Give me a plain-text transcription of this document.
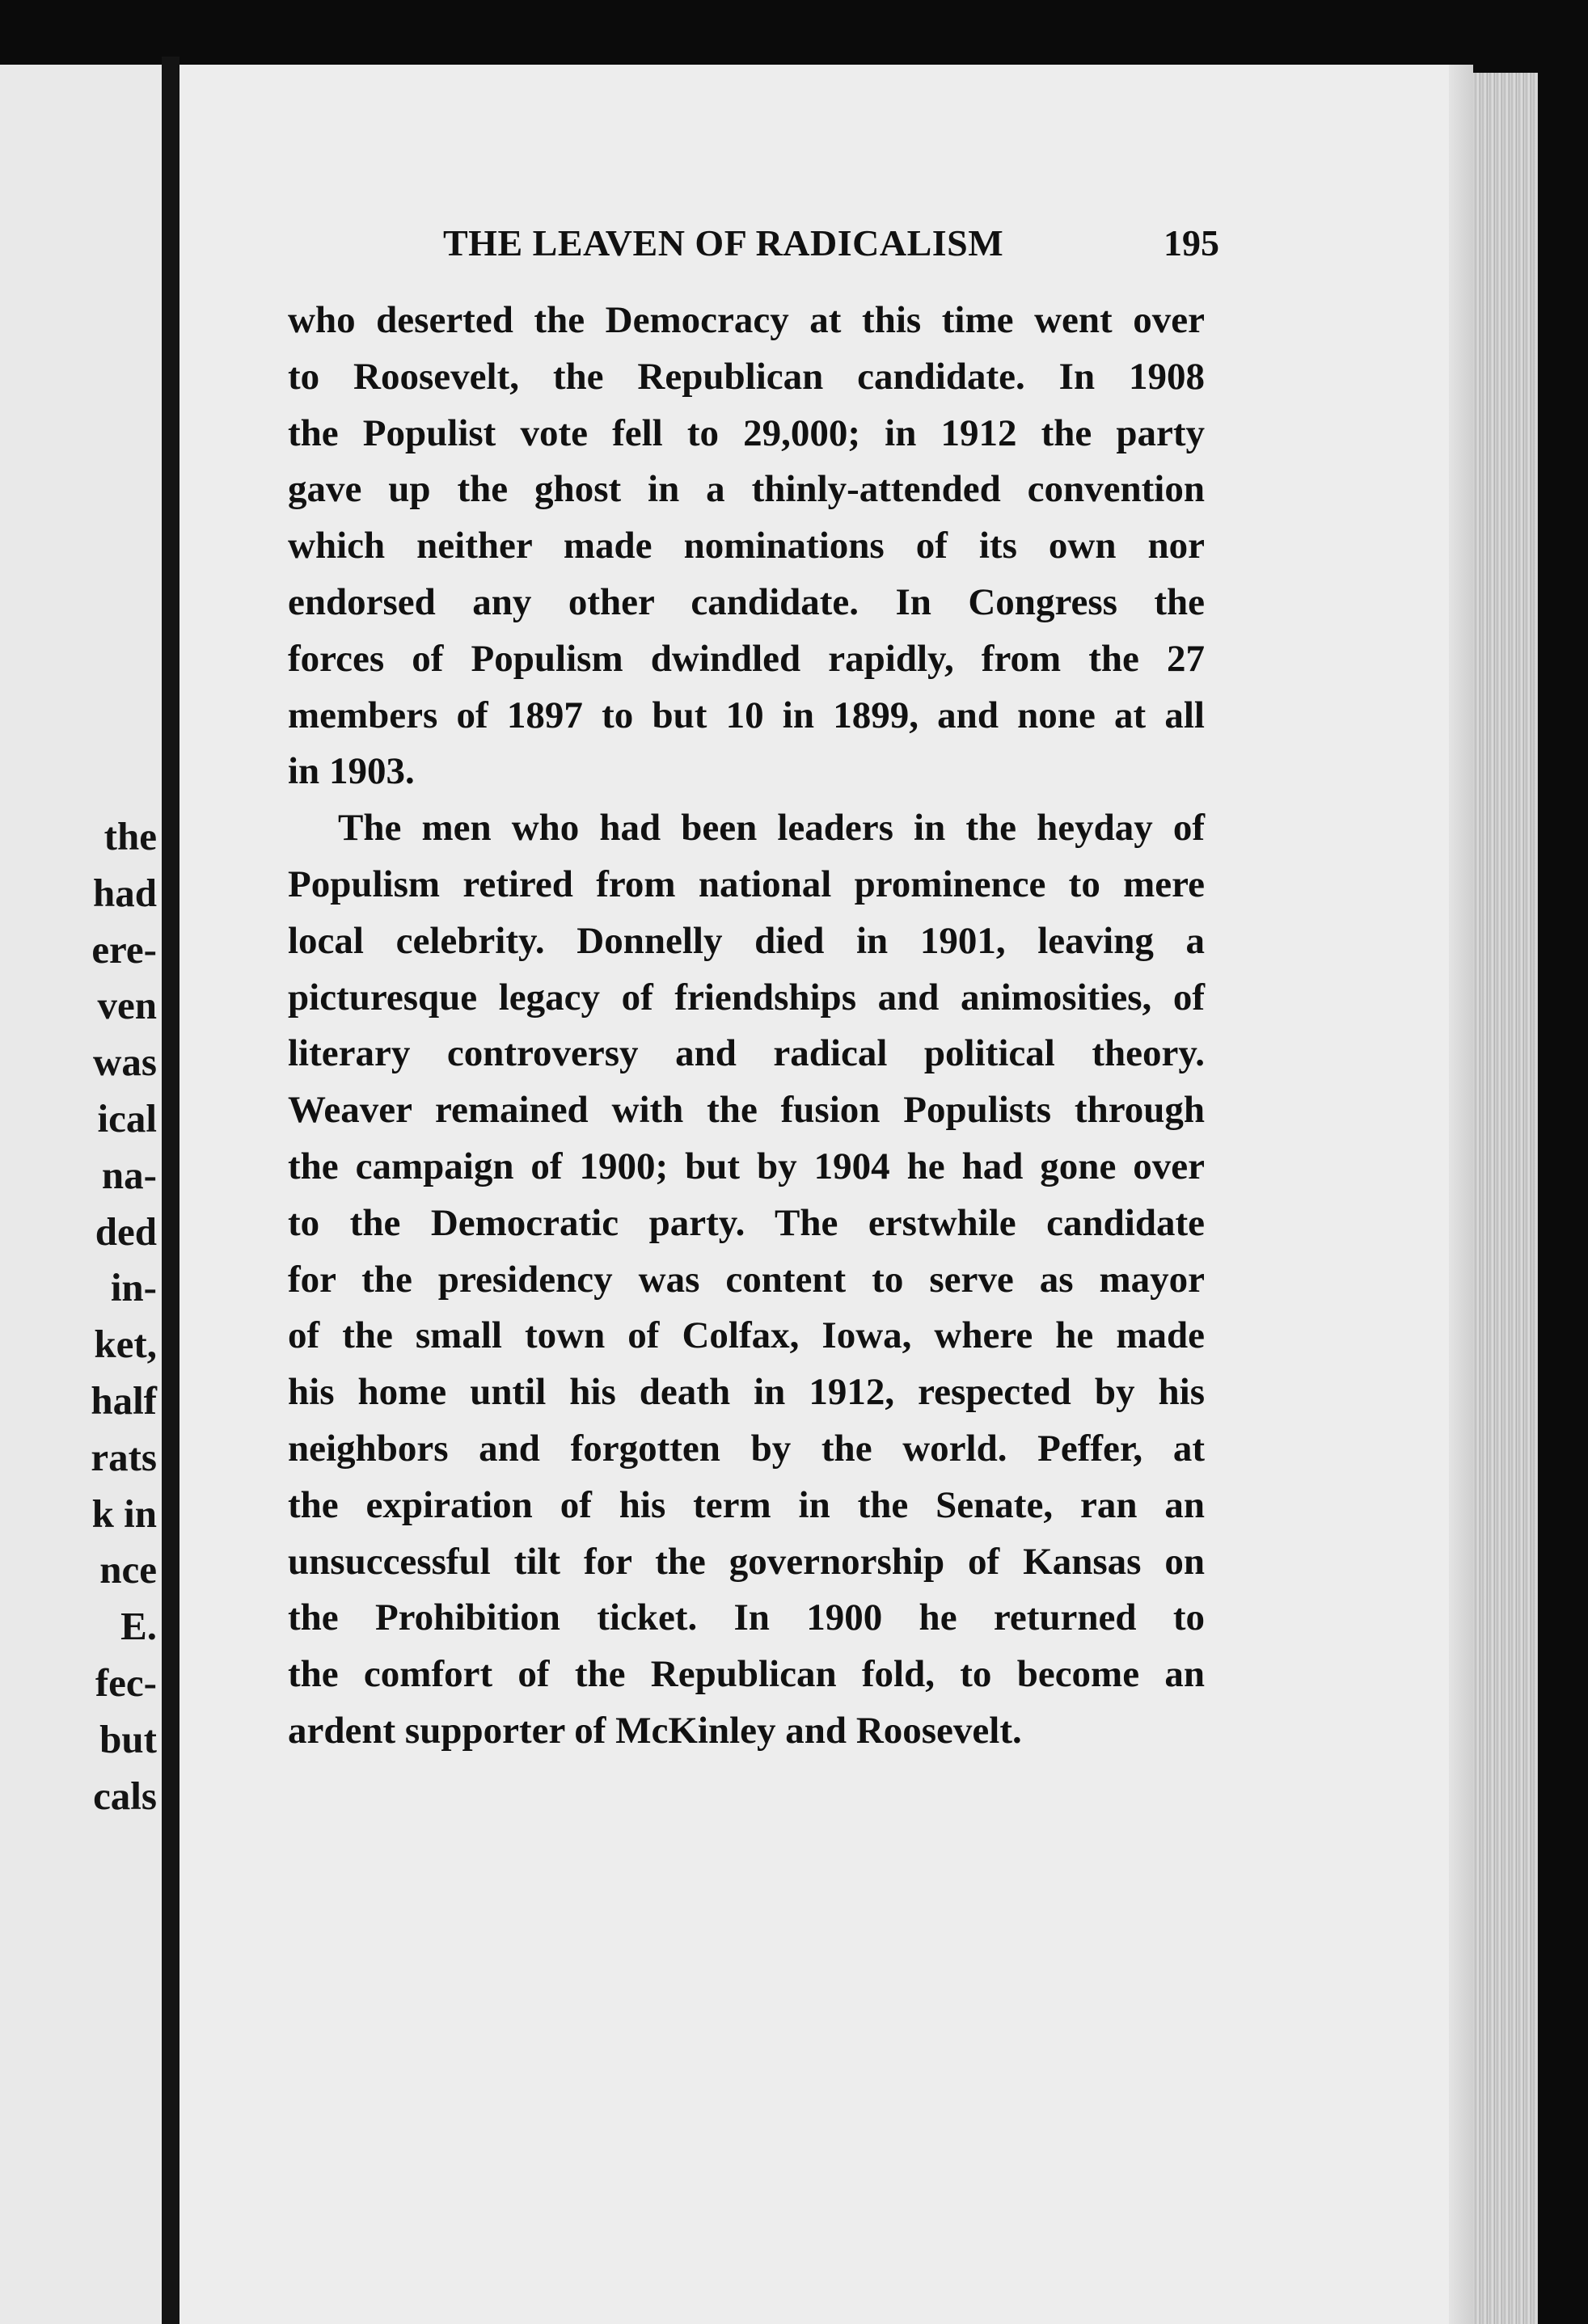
the
had
ere-
ven
was
ical
na-
ded
in-
ket,
half
rats
k in
nce
E.
fec-
but
cals
THE LEAVEN OF RADICALISM	195
who deserted the Democracy at this time went over
to Roosevelt, the Republican candidate. In 1908
the Populist vote fell to 29,000; in 1912 the party
gave up the ghost in a thinly-attended convention
which neither made nominations of its own nor
endorsed any other candidate. In Congress the
forces of Populism dwindled rapidly, from the 27
members of 1897 to but 10 in 1899, and none at all
in 1903.
The men who had been leaders in the heyday of
Populism retired from national prominence to mere
local celebrity. Donnelly died in 1901, leaving a
picturesque legacy of friendships and animosities, of
literary controversy and radical political theory.
Weaver remained with the fusion Populists through
the campaign of 1900; but by 1904 he had gone over
to the Democratic party. The erstwhile candidate
for the presidency was content to serve as mayor
of the small town of Colfax, Iowa, where he made
his home until his death in 1912, respected by his
neighbors and forgotten by the world. Peffer, at
the expiration of his term in the Senate, ran an
unsuccessful tilt for the governorship of Kansas on
the Prohibition ticket. In 1900 he returned to
the comfort of the Republican fold, to become an
ardent supporter of McKinley and Roosevelt.
